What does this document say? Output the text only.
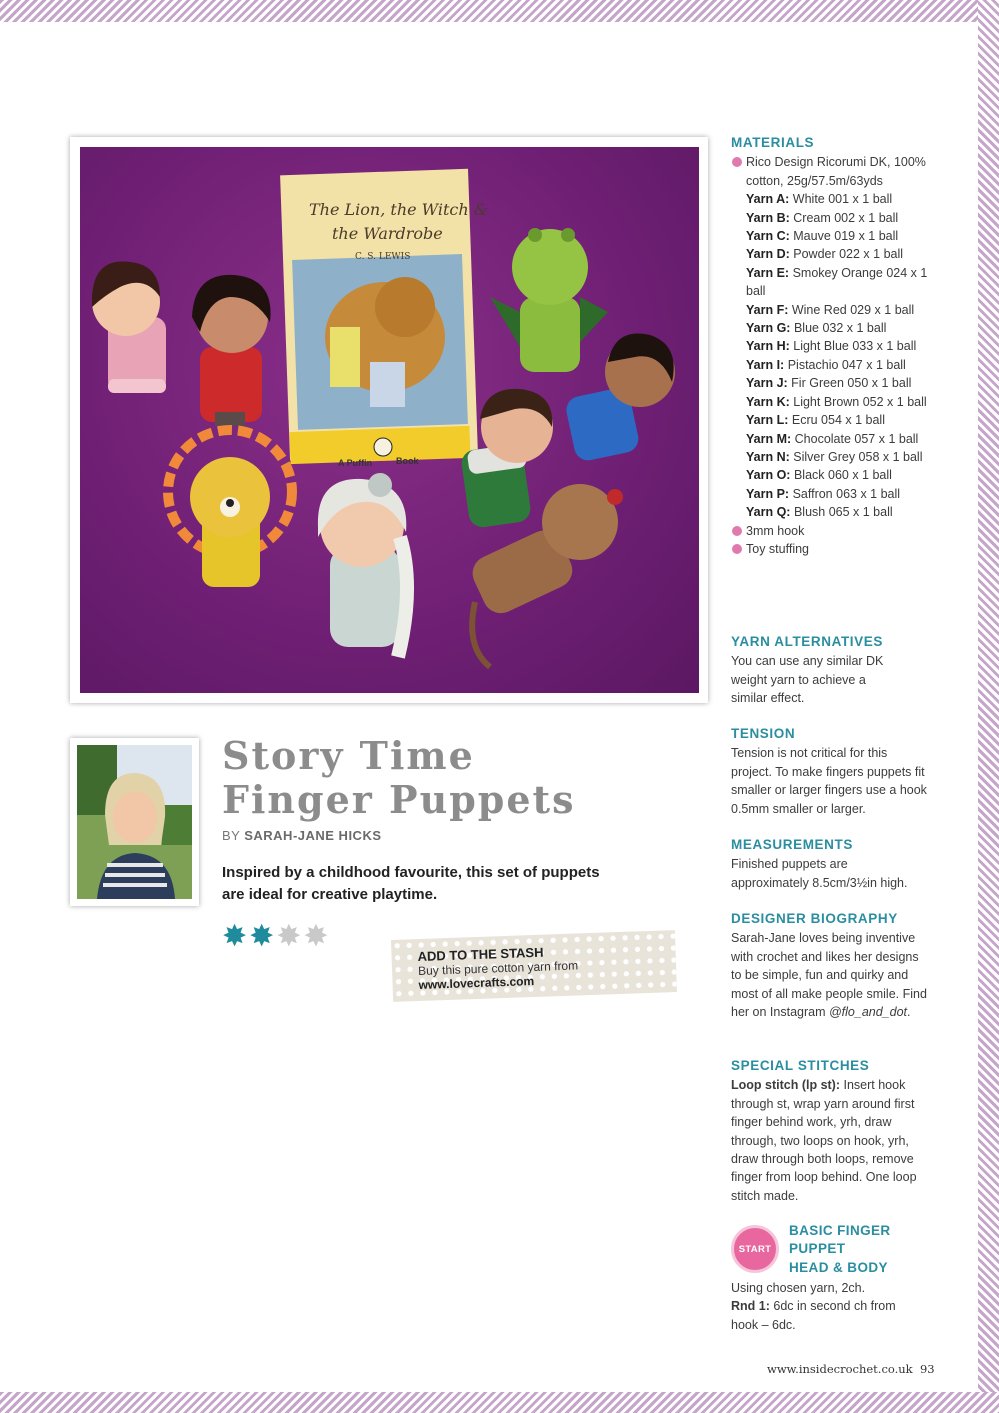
The Lion, the Witch &
the Wardrobe
C. S. LEWIS
A Puffin	Book
Story Time
Finger Puppets
BY SARAH-JANE HICKS
Inspired by a childhood favourite, this set of puppets are ideal for creative playtime.
✸ ✸ ✸ ✸
ADD TO THE STASH
Buy this pure cotton yarn from
www.lovecrafts.com
MATERIALS
Rico Design Ricorumi DK, 100% cotton, 25g/57.5m/63yds
Yarn A: White 001 x 1 ball
Yarn B: Cream 002 x 1 ball
Yarn C: Mauve 019 x 1 ball
Yarn D: Powder 022 x 1 ball
Yarn E: Smokey Orange 024 x 1 ball
Yarn F: Wine Red 029 x 1 ball
Yarn G: Blue 032 x 1 ball
Yarn H: Light Blue 033 x 1 ball
Yarn I: Pistachio 047 x 1 ball
Yarn J: Fir Green 050 x 1 ball
Yarn K: Light Brown 052 x 1 ball
Yarn L: Ecru 054 x 1 ball
Yarn M: Chocolate 057 x 1 ball
Yarn N: Silver Grey 058 x 1 ball
Yarn O: Black 060 x 1 ball
Yarn P: Saffron 063 x 1 ball
Yarn Q: Blush 065 x 1 ball
3mm hook
Toy stuffing
YARN ALTERNATIVES
You can use any similar DK weight yarn to achieve a similar effect.
TENSION
Tension is not critical for this project. To make fingers puppets fit smaller or larger fingers use a hook 0.5mm smaller or larger.
MEASUREMENTS
Finished puppets are approximately 8.5cm/3½in high.
DESIGNER BIOGRAPHY
Sarah-Jane loves being inventive with crochet and likes her designs to be simple, fun and quirky and most of all make people smile. Find her on Instagram @flo_and_dot.
SPECIAL STITCHES
Loop stitch (lp st): Insert hook through st, wrap yarn around first finger behind work, yrh, draw through, two loops on hook, yrh, draw through both loops, remove finger from loop behind. One loop stitch made.
START
BASIC FINGER
PUPPET
HEAD & BODY
Using chosen yarn, 2ch.
Rnd 1: 6dc in second ch from hook – 6dc.
www.insidecrochet.co.uk 93
